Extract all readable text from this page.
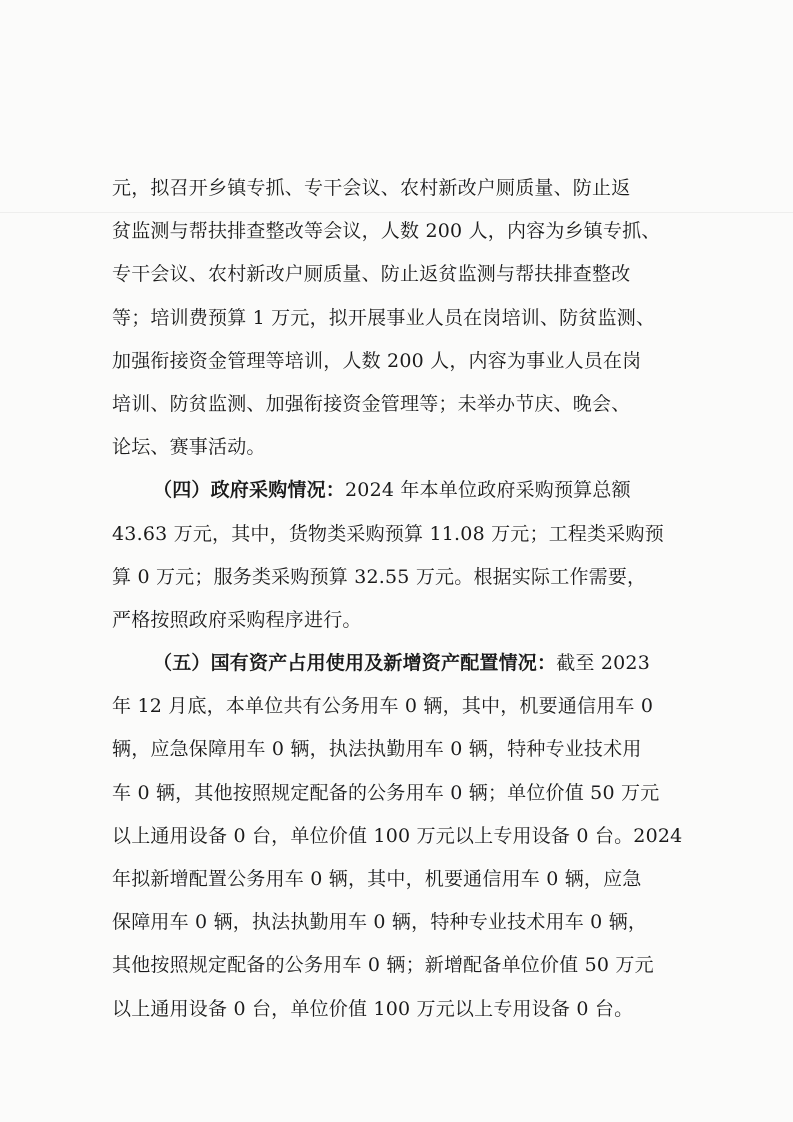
元，拟召开乡镇专抓、专干会议、农村新改户厕质量、防止返
贫监测与帮扶排查整改等会议，人数 200 人，内容为乡镇专抓、
专干会议、农村新改户厕质量、防止返贫监测与帮扶排查整改
等；培训费预算 1 万元，拟开展事业人员在岗培训、防贫监测、
加强衔接资金管理等培训，人数 200 人，内容为事业人员在岗
培训、防贫监测、加强衔接资金管理等；未举办节庆、晚会、
论坛、赛事活动。
（四）政府采购情况：2024 年本单位政府采购预算总额
43.63 万元，其中，货物类采购预算 11.08 万元；工程类采购预
算 0 万元；服务类采购预算 32.55 万元。根据实际工作需要，
严格按照政府采购程序进行。
（五）国有资产占用使用及新增资产配置情况：截至 2023
年 12 月底，本单位共有公务用车 0 辆，其中，机要通信用车 0
辆，应急保障用车 0 辆，执法执勤用车 0 辆，特种专业技术用
车 0 辆，其他按照规定配备的公务用车 0 辆；单位价值 50 万元
以上通用设备 0 台，单位价值 100 万元以上专用设备 0 台。2024
年拟新增配置公务用车 0 辆，其中，机要通信用车 0 辆，应急
保障用车 0 辆，执法执勤用车 0 辆，特种专业技术用车 0 辆，
其他按照规定配备的公务用车 0 辆；新增配备单位价值 50 万元
以上通用设备 0 台，单位价值 100 万元以上专用设备 0 台。
